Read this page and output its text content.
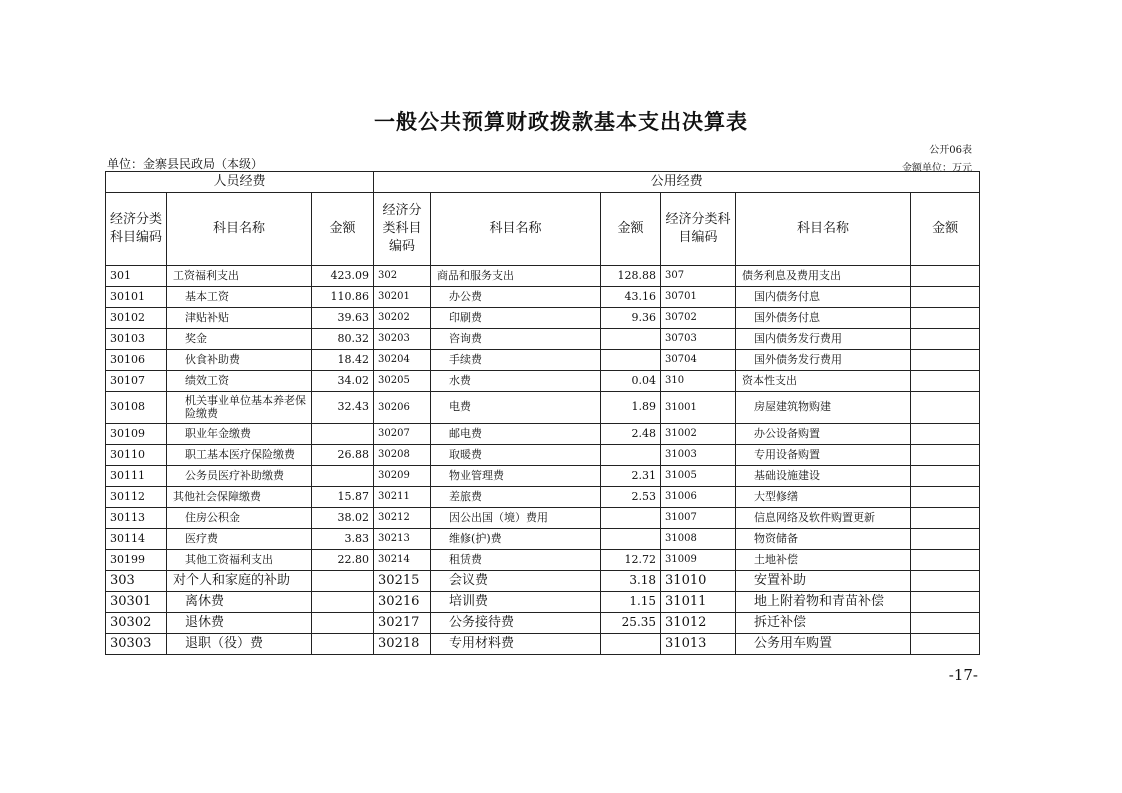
一般公共预算财政拨款基本支出决算表
公开06表
单位：金寨县民政局（本级）	金额单位：万元
人员经费			公用经费					
经济分类科目编码	科目名称	金额	经济分类科目编码	科目名称	金额	经济分类科目编码	科目名称	金额
301	工资福利支出	423.09	302	商品和服务支出	128.88	307	债务利息及费用支出	
30101	基本工资	110.86	30201	办公费	43.16	30701	国内债务付息	
30102	津贴补贴	39.63	30202	印刷费	9.36	30702	国外债务付息	
30103	奖金	80.32	30203	咨询费		30703	国内债务发行费用	
30106	伙食补助费	18.42	30204	手续费		30704	国外债务发行费用	
30107	绩效工资	34.02	30205	水费	0.04	310	资本性支出	
30108	机关事业单位基本养老保险缴费	32.43	30206	电费	1.89	31001	房屋建筑物购建	
30109	职业年金缴费		30207	邮电费	2.48	31002	办公设备购置	
30110	职工基本医疗保险缴费	26.88	30208	取暖费		31003	专用设备购置	
30111	公务员医疗补助缴费		30209	物业管理费	2.31	31005	基础设施建设	
30112	其他社会保障缴费	15.87	30211	差旅费	2.53	31006	大型修缮	
30113	住房公积金	38.02	30212	因公出国（境）费用		31007	信息网络及软件购置更新	
30114	医疗费	3.83	30213	维修(护)费		31008	物资储备	
30199	其他工资福利支出	22.80	30214	租赁费	12.72	31009	土地补偿	
303	对个人和家庭的补助		30215	会议费	3.18	31010	安置补助	
30301	离休费		30216	培训费	1.15	31011	地上附着物和青苗补偿	
30302	退休费		30217	公务接待费	25.35	31012	拆迁补偿	
30303	退职（役）费		30218	专用材料费		31013	公务用车购置	
-17-
